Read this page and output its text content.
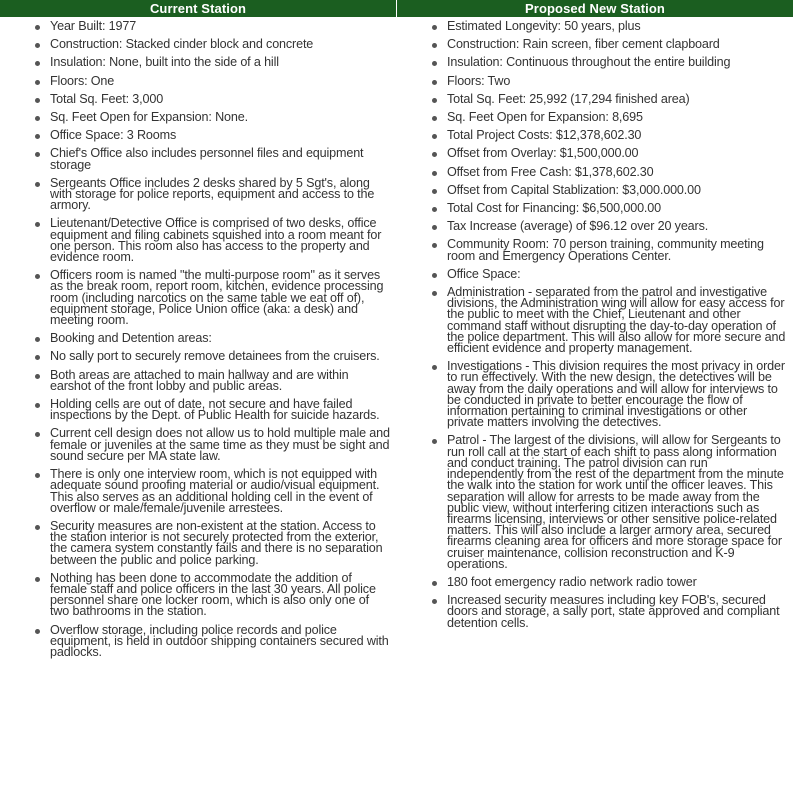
Current Station	Proposed New Station
Year Built: 1977
Construction: Stacked cinder block and concrete
Insulation: None, built into the side of a hill
Floors: One
Total Sq. Feet: 3,000
Sq. Feet Open for Expansion: None.
Office Space: 3 Rooms
Chief's Office also includes personnel files and equipment storage
Sergeants Office includes 2 desks shared by 5 Sgt's, along with storage for police reports, equipment and access to the armory.
Lieutenant/Detective Office is comprised of two desks, office equipment and filing cabinets squished into a room meant for one person. This room also has access to the property and evidence room.
Officers room is named "the multi-purpose room" as it serves as the break room, report room, kitchen, evidence processing room (including narcotics on the same table we eat off of), equipment storage, Police Union office (aka: a desk) and meeting room.
Booking and Detention areas:
No sally port to securely remove detainees from the cruisers.
Both areas are attached to main hallway and are within earshot of the front lobby and public areas.
Holding cells are out of date, not secure and have failed inspections by the Dept. of Public Health for suicide hazards.
Current cell design does not allow us to hold multiple male and female or juveniles at the same time as they must be sight and sound secure per MA state law.
There is only one interview room, which is not equipped with adequate sound proofing material or audio/visual equipment. This also serves as an additional holding cell in the event of overflow or male/female/juvenile arrestees.
Security measures are non-existent at the station. Access to the station interior is not securely protected from the exterior, the camera system constantly fails and there is no separation between the public and police parking.
Nothing has been done to accommodate the addition of female staff and police officers in the last 30 years. All police personnel share one locker room, which is also only one of two bathrooms in the station.
Overflow storage, including police records and police equipment, is held in outdoor shipping containers secured with padlocks.
Estimated Longevity: 50 years, plus
Construction: Rain screen, fiber cement clapboard
Insulation: Continuous throughout the entire building
Floors: Two
Total Sq. Feet: 25,992 (17,294 finished area)
Sq. Feet Open for Expansion: 8,695
Total Project Costs: $12,378,602.30
Offset from Overlay: $1,500,000.00
Offset from Free Cash: $1,378,602.30
Offset from Capital Stablization: $3,000.000.00
Total Cost for Financing: $6,500,000.00
Tax Increase (average) of $96.12 over 20 years.
Community Room: 70 person training, community meeting room and Emergency Operations Center.
Office Space:
Administration - separated from the patrol and investigative divisions, the Administration wing will allow for easy access for the public to meet with the Chief, Lieutenant and other command staff without disrupting the day-to-day operation of the police department. This will also allow for more secure and efficient evidence and property management.
Investigations - This division requires the most privacy in order to run effectively. With the new design, the detectives will be away from the daily operations and will allow for interviews to be conducted in private to better encourage the flow of information pertaining to criminal investigations or other private matters involving the detectives.
Patrol - The largest of the divisions, will allow for Sergeants to run roll call at the start of each shift to pass along information and conduct training. The patrol division can run independently from the rest of the department from the minute the walk into the station for work until the officer leaves. This separation will allow for arrests to be made away from the public view, without interfering citizen interactions such as firearms licensing, interviews or other sensitive police-related matters. This will also include a larger armory area, secured firearms cleaning area for officers and more storage space for cruiser maintenance, collision reconstruction and K-9 operations.
180 foot emergency radio network radio tower
Increased security measures including key FOB's, secured doors and storage, a sally port, state approved and compliant detention cells.
